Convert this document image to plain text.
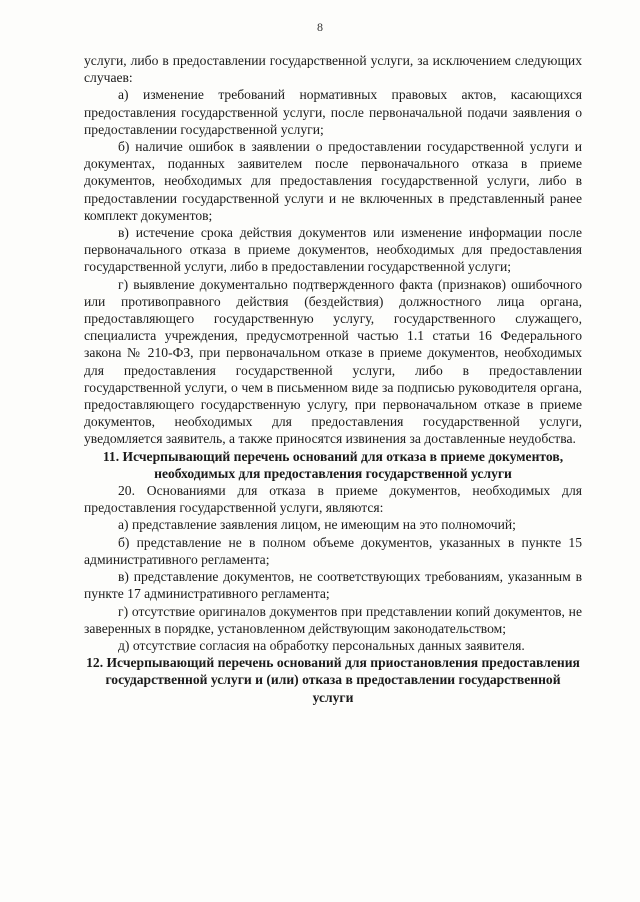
8

услуги, либо в предоставлении государственной услуги, за исключением следующих случаев:

а) изменение требований нормативных правовых актов, касающихся предоставления государственной услуги, после первоначальной подачи заявления о предоставлении государственной услуги;

б) наличие ошибок в заявлении о предоставлении государственной услуги и документах, поданных заявителем после первоначального отказа в приеме документов, необходимых для предоставления государственной услуги, либо в предоставлении государственной услуги и не включенных в представленный ранее комплект документов;

в) истечение срока действия документов или изменение информации после первоначального отказа в приеме документов, необходимых для предоставления государственной услуги, либо в предоставлении государственной услуги;

г) выявление документально подтвержденного факта (признаков) ошибочного или противоправного действия (бездействия) должностного лица органа, предоставляющего государственную услугу, государственного служащего, специалиста учреждения, предусмотренной частью 1.1 статьи 16 Федерального закона № 210-ФЗ, при первоначальном отказе в приеме документов, необходимых для предоставления государственной услуги, либо в предоставлении государственной услуги, о чем в письменном виде за подписью руководителя органа, предоставляющего государственную услугу, при первоначальном отказе в приеме документов, необходимых для предоставления государственной услуги, уведомляется заявитель, а также приносятся извинения за доставленные неудобства.

11. Исчерпывающий перечень оснований для отказа в приеме документов, необходимых для предоставления государственной услуги

20. Основаниями для отказа в приеме документов, необходимых для предоставления государственной услуги, являются:

а) представление заявления лицом, не имеющим на это полномочий;

б) представление не в полном объеме документов, указанных в пункте 15 административного регламента;

в) представление документов, не соответствующих требованиям, указанным в пункте 17 административного регламента;

г) отсутствие оригиналов документов при представлении копий документов, не заверенных в порядке, установленном действующим законодательством;

д) отсутствие согласия на обработку персональных данных заявителя.

12. Исчерпывающий перечень оснований для приостановления предоставления государственной услуги и (или) отказа в предоставлении государственной услуги
